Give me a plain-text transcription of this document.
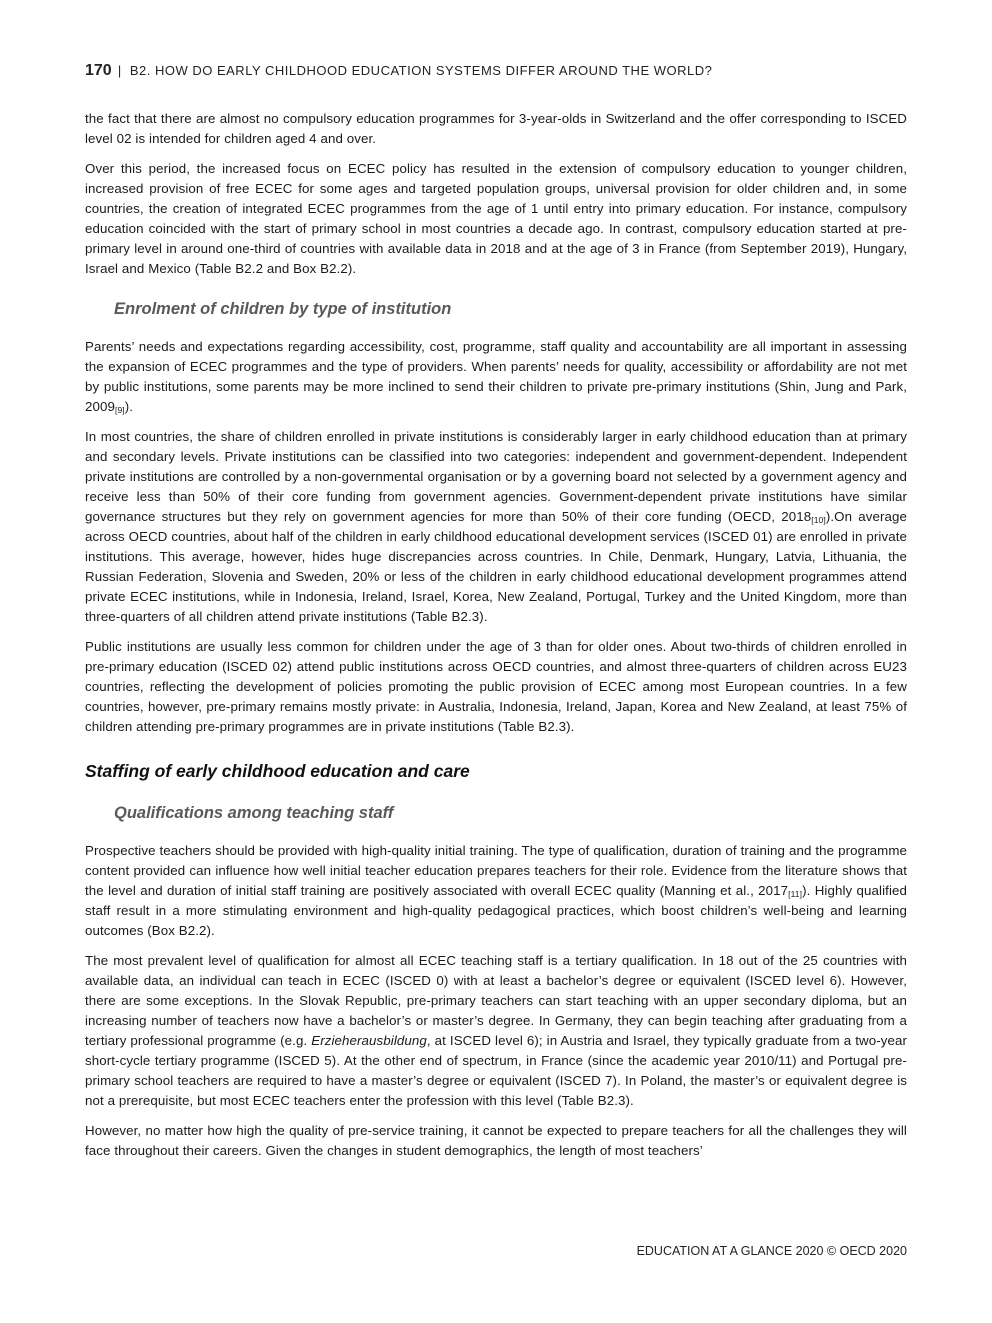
170 | B2. HOW DO EARLY CHILDHOOD EDUCATION SYSTEMS DIFFER AROUND THE WORLD?

the fact that there are almost no compulsory education programmes for 3-year-olds in Switzerland and the offer corresponding to ISCED level 02 is intended for children aged 4 and over.

Over this period, the increased focus on ECEC policy has resulted in the extension of compulsory education to younger children, increased provision of free ECEC for some ages and targeted population groups, universal provision for older children and, in some countries, the creation of integrated ECEC programmes from the age of 1 until entry into primary education. For instance, compulsory education coincided with the start of primary school in most countries a decade ago. In contrast, compulsory education started at pre-primary level in around one-third of countries with available data in 2018 and at the age of 3 in France (from September 2019), Hungary, Israel and Mexico (Table B2.2 and Box B2.2).

Enrolment of children by type of institution

Parents’ needs and expectations regarding accessibility, cost, programme, staff quality and accountability are all important in assessing the expansion of ECEC programmes and the type of providers. When parents’ needs for quality, accessibility or affordability are not met by public institutions, some parents may be more inclined to send their children to private pre-primary institutions (Shin, Jung and Park, $2009_{[9]}$).

In most countries, the share of children enrolled in private institutions is considerably larger in early childhood education than at primary and secondary levels. Private institutions can be classified into two categories: independent and government-dependent. Independent private institutions are controlled by a non-governmental organisation or by a governing board not selected by a government agency and receive less than 50% of their core funding from government agencies. Government-dependent private institutions have similar governance structures but they rely on government agencies for more than 50% of their core funding (OECD, $2018_{[10]}).On$ average across OECD countries, about half of the children in early childhood educational development services (ISCED 01) are enrolled in private institutions. This average, however, hides huge discrepancies across countries. In Chile, Denmark, Hungary, Latvia, Lithuania, the Russian Federation, Slovenia and Sweden, 20% or less of the children in early childhood educational development programmes attend private ECEC institutions, while in Indonesia, Ireland, Israel, Korea, New Zealand, Portugal, Turkey and the United Kingdom, more than three-quarters of all children attend private institutions (Table B2.3).

Public institutions are usually less common for children under the age of 3 than for older ones. About two-thirds of children enrolled in pre-primary education (ISCED 02) attend public institutions across OECD countries, and almost three-quarters of children across EU23 countries, reflecting the development of policies promoting the public provision of ECEC among most European countries. In a few countries, however, pre-primary remains mostly private: in Australia, Indonesia, Ireland, Japan, Korea and New Zealand, at least 75% of children attending pre-primary programmes are in private institutions (Table B2.3).

Staffing of early childhood education and care
Qualifications among teaching staff

Prospective teachers should be provided with high-quality initial training. The type of qualification, duration of training and the programme content provided can influence how well initial teacher education prepares teachers for their role. Evidence from the literature shows that the level and duration of initial staff training are positively associated with overall ECEC quality (Manning et al., $2017_{[11]}$). Highly qualified staff result in a more stimulating environment and high-quality pedagogical practices, which boost children’s well-being and learning outcomes (Box B2.2).

The most prevalent level of qualification for almost all ECEC teaching staff is a tertiary qualification. In 18 out of the 25 countries with available data, an individual can teach in ECEC (ISCED 0) with at least a bachelor’s degree or equivalent (ISCED level 6). However, there are some exceptions. In the Slovak Republic, pre-primary teachers can start teaching with an upper secondary diploma, but an increasing number of teachers now have a bachelor’s or master’s degree. In Germany, they can begin teaching after graduating from a tertiary professional programme (e.g. Erzieherausbildung, at ISCED level 6); in Austria and Israel, they typically graduate from a two-year short-cycle tertiary programme (ISCED 5). At the other end of spectrum, in France (since the academic year 2010/11) and Portugal pre-primary school teachers are required to have a master’s degree or equivalent (ISCED 7). In Poland, the master’s or equivalent degree is not a prerequisite, but most ECEC teachers enter the profession with this level (Table B2.3).

However, no matter how high the quality of pre-service training, it cannot be expected to prepare teachers for all the challenges they will face throughout their careers. Given the changes in student demographics, the length of most teachers’

EDUCATION AT A GLANCE 2020 © OECD 2020
